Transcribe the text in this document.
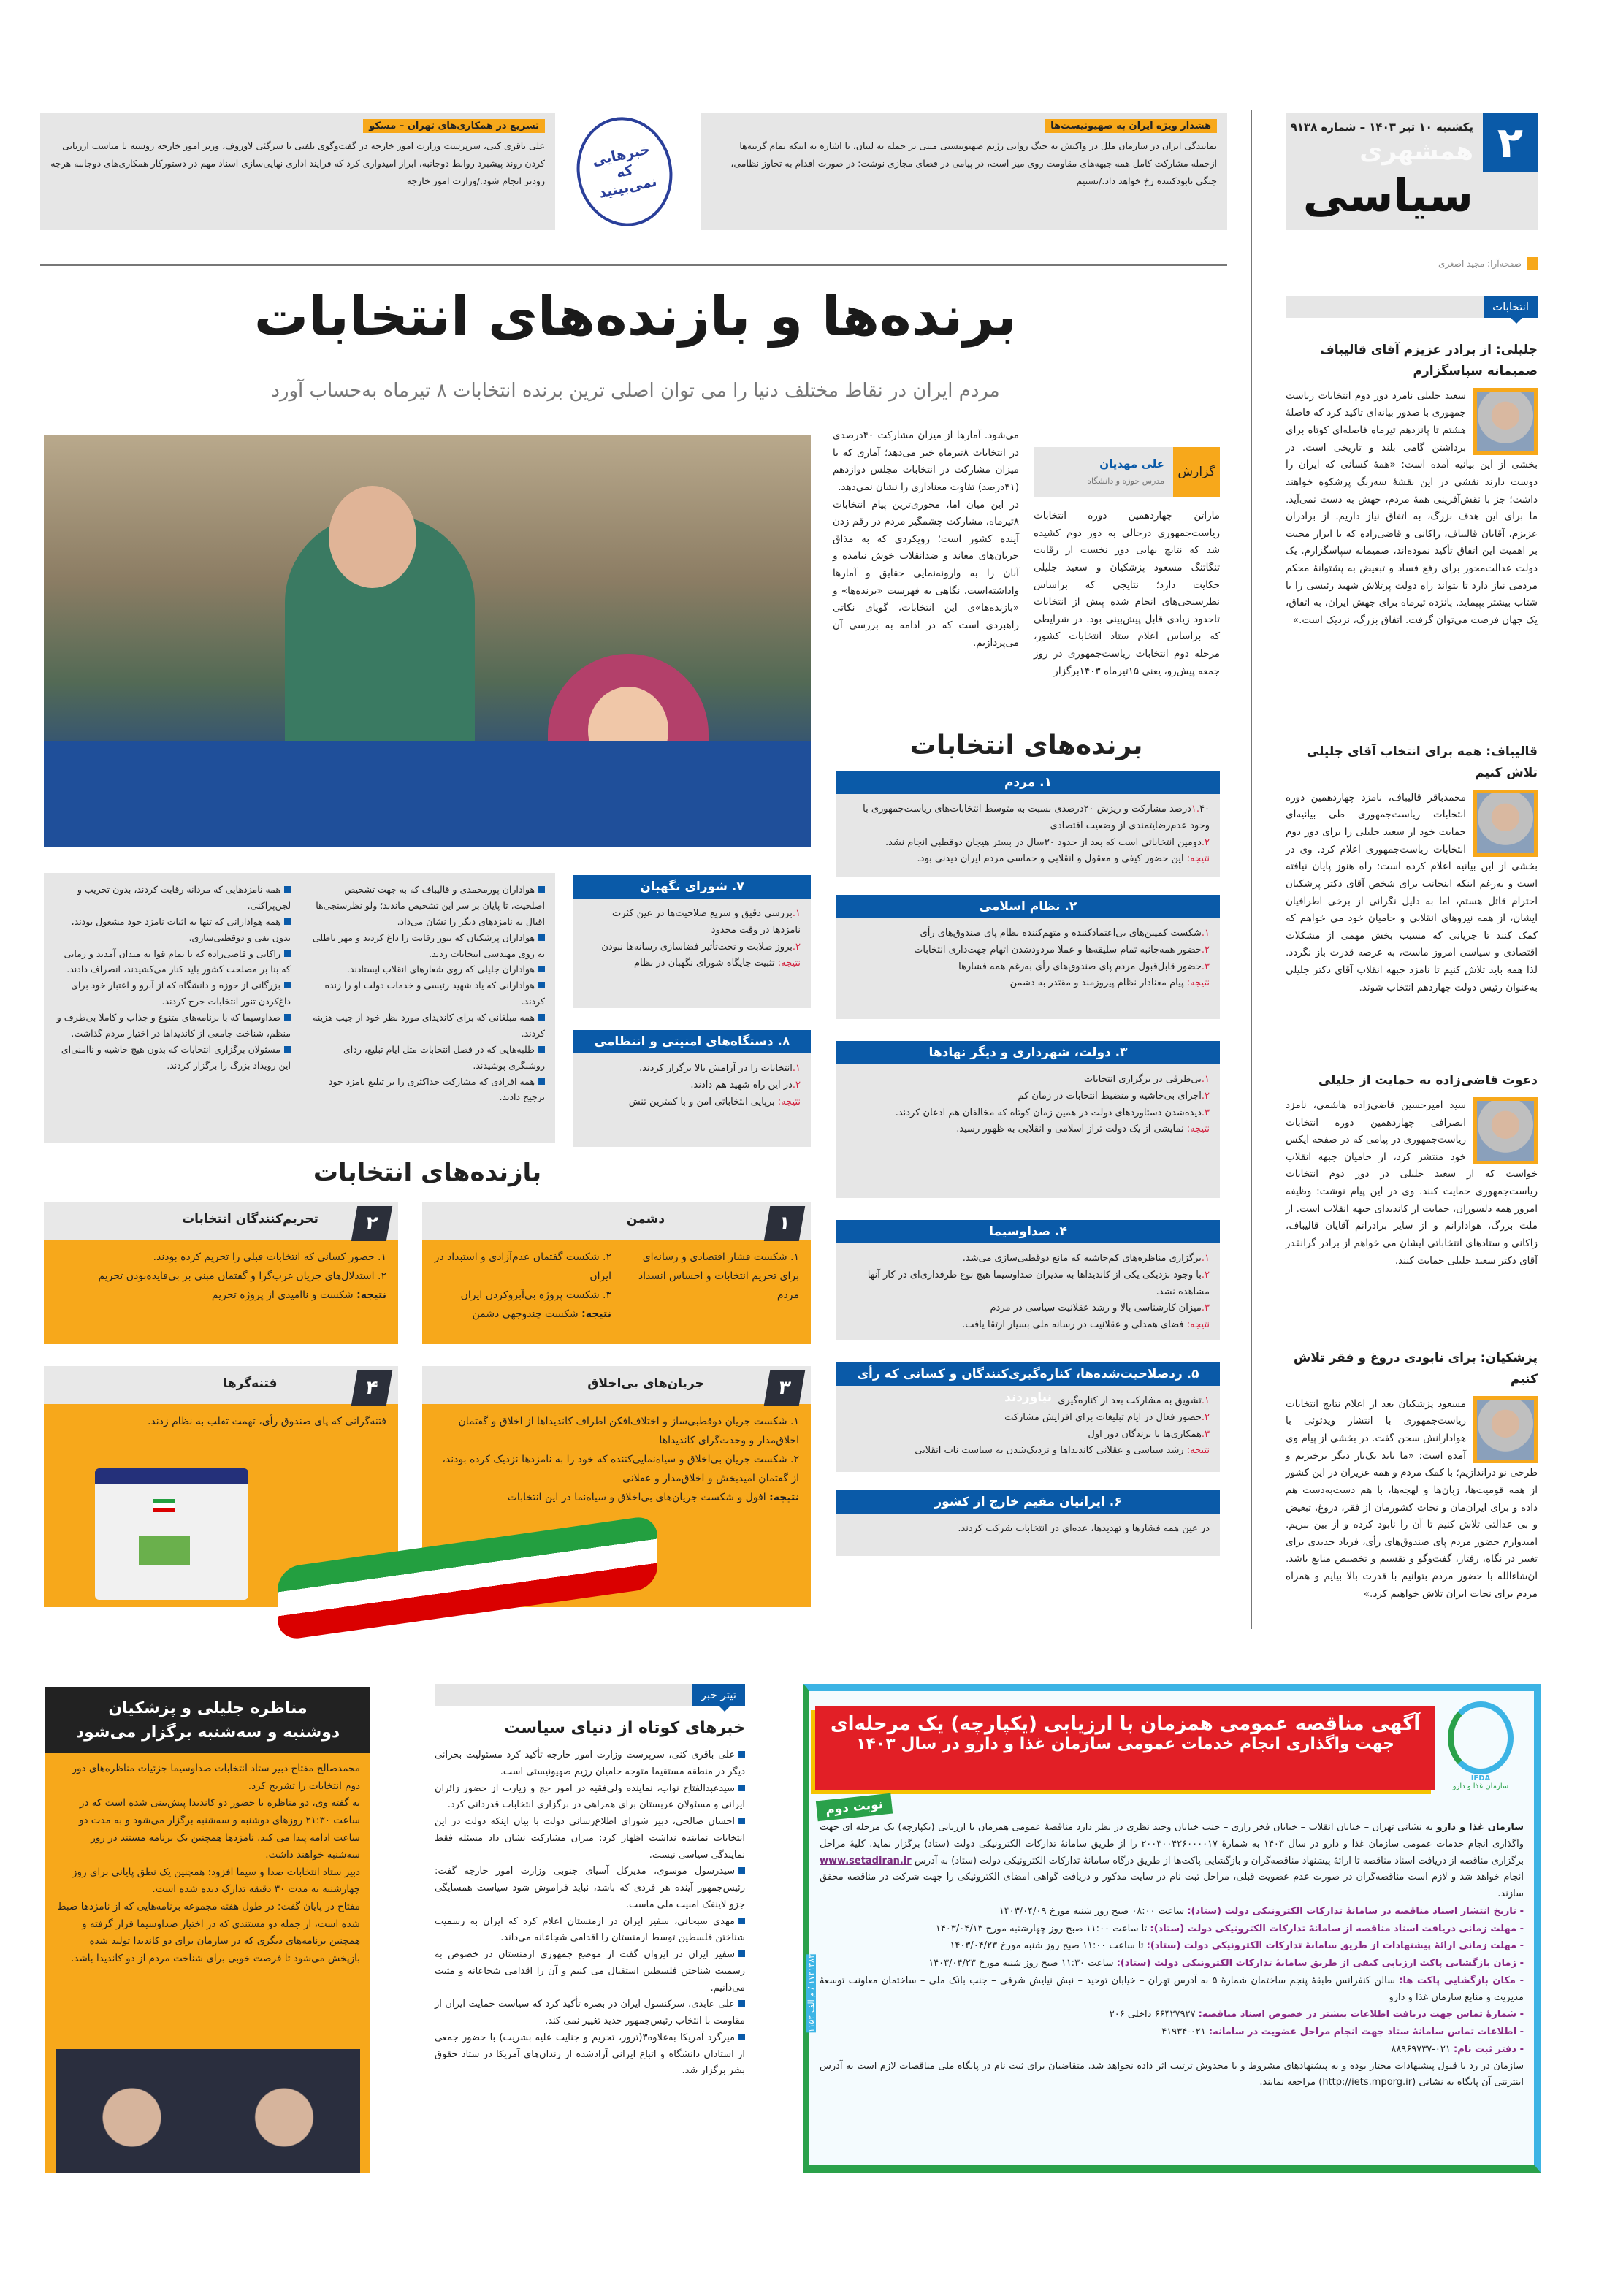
۲
یکشنبه ۱۰ تیر ۱۴۰۳ – شماره ۹۱۳۸
همشهری
سیاسی
صفحه‌آرا: مجید اصغری
انتخابات
جلیلی: از برادر عزیزم آقای قالیباف صمیمانه سپاسگزارم

سعید جلیلی نامزد دور دوم انتخابات ریاست جمهوری با صدور بیانه‌ای تاکید کرد که فاصلهٔ هشتم تا پانزدهم تیرماه فاصله‌ای کوتاه برای برداشتن گامی بلند و تاریخی است. در بخشی از این بیانیه آمده است: «همهٔ کسانی که ایران را دوست دارند نقشی در این نقشهٔ سه‌رنگ پرشکوه خواهند داشت؛ جز با نقش‌آفرینی همهٔ مردم، جهش به دست نمی‌آید. ما برای این هدف بزرگ، به اتفاق نیاز داریم. از برادران عزیزم، آقایان قالیباف، زاکانی و قاضی‌زاده که با ابراز محبت بر اهمیت این اتفاق تأکید نموده‌اند، صمیمانه سپاسگزارم. یک دولت عدالت‌محور برای رفع فساد و تبعیض به پشتوانهٔ محکم مردمی نیاز دارد تا بتواند راه دولت پرتلاش شهید رئیسی را با شتاب بیشتر بپیماید. پانزده تیرماه برای جهش ایران، به اتفاق، یک جهان فرصت می‌توان گرفت. اتفاق بزرگ، نزدیک است.»

قالیباف: همه برای انتخاب آقای جلیلی تلاش کنیم

محمدباقر قالیباف، نامزد چهاردهمین دوره انتخابات ریاست‌جمهوری طی بیانیه‌ای حمایت خود از سعید جلیلی را برای دور دوم انتخابات ریاست‌جمهوری اعلام کرد. وی در بخشی از این بیانیه اعلام کرده است: راه هنوز پایان نیافته است و به‌رغم اینکه اینجانب برای شخص آقای دکتر پزشکیان احترام قائل هستم، اما به دلیل نگرانی از برخی اطرافیان ایشان، از همه نیروهای انقلابی و حامیان خود می خواهم که کمک کنند تا جریانی که مسبب بخش مهمی از مشکلات اقتصادی و سیاسی امروز ماست، به عرصه قدرت باز نگردد. لذا همه باید تلاش کنیم تا نامزد جبهه انقلاب آقای دکتر جلیلی به‌عنوان رئیس دولت چهاردهم انتخاب شوند.

دعوت قاضی‌زاده به حمایت از جلیلی

سید امیرحسین قاضی‌زاده هاشمی، نامزد انصرافی چهاردهمین دوره انتخابات ریاست‌جمهوری در پیامی که در صفحه ایکس خود منتشر کرد، از حامیان جبهه انقلاب خواست که از سعید جلیلی در دور دوم انتخابات ریاست‌جمهوری حمایت کنند. وی در این پیام نوشت: وظیفه امروز همه دلسوزان، حمایت از کاندیدای جبهه انقلاب است. از ملت بزرگ، هوادارانم و از سایر برادرانم آقایان قالیباف، زاکانی و ستادهای انتخاباتی ایشان می خواهم از برادر گرانقدر آقای دکتر سعید جلیلی حمایت کنند.

پزشکیان: برای نابودی دروغ و فقر تلاش کنیم

مسعود پزشکیان بعد از اعلام نتایج انتخابات ریاست‌جمهوری با انتشار ویدئوئی با هوادارانش سخن گفت. در بخشی از پیام وی آمده است: «ما باید یک‌بار دیگر برخیزیم و طرحی نو دراندازیم؛ با کمک مردم و همه عزیزان در این کشور از همه قومیت‌ها، زبان‌ها و لهجه‌ها، با هم دست‌به‌دست هم داده و برای ایران‌مان و نجات کشورمان از فقر، دروغ، تبعیض و بی عدالتی تلاش کنیم تا آن را نابود کرده و از بین ببریم. امیدوارم حضور مردم پای صندوق‌های رأی، فریاد جدیدی برای تغییر در نگاه، رفتار، گفت‌وگو و تقسیم و تخصیص منابع باشد. ان‌شاءالله با حضور مردم بتوانیم با قدرت بالا بیایم و همراه مردم برای نجات ایران تلاش خواهیم کرد.»

هشدار ویژه ایران به صهیونیست‌ها

نمایندگی ایران در سازمان ملل در واکنش به جنگ روانی رژیم صهیونیستی مبنی بر حمله به لبنان، با اشاره به اینکه تمام گزینه‌ها ازجمله مشارکت کامل همه جبهه‌های مقاومت روی میز است، در پیامی در فضای مجازی نوشت: در صورت اقدام به تجاوز نظامی، جنگی نابودکننده رخ خواهد داد./تسنیم

خبرهایی که نمی‌بینید
تسریع در همکاری‌های تهران – مسکو

علی باقری کنی، سرپرست وزارت امور خارجه در گفت‌وگوی تلفنی با سرگئی لاوروف، وزیر امور خارجه روسیه با مناسب ارزیابی کردن روند پیشبرد روابط دوجانبه، ابراز امیدواری کرد که فرایند اداری نهایی‌سازی اسناد مهم در دستورکار همکاری‌های دوجانبه هرچه زودتر انجام شود./وزارت امور خارجه

برنده‌ها و بازنده‌های انتخابات
مردم ایران در نقاط مختلف دنیا را می توان اصلی ترین برنده انتخابات ۸ تیرماه به‌حساب آورد
گزارش
علی مهدیان
مدرس حوزه و دانشگاه

ماراتن چهاردهمین دوره انتخابات ریاست‌جمهوری درحالی به دور دوم کشیده شد که نتایج نهایی دور نخست از رقابت تنگاتنگ مسعود پزشکیان و سعید جلیلی حکایت دارد؛ نتایجی که براساس نظرسنجی‌های انجام شده پیش از انتخابات تاحدود زیادی قابل پیش‌بینی بود. در شرایطی که براساس اعلام ستاد انتخابات کشور، مرحله دوم انتخابات ریاست‌جمهوری در روز جمعه پیش‌رو، یعنی ۱۵تیرماه ۱۴۰۳برگزار

می‌شود. آمارها از میزان مشارکت ۴۰درصدی در انتخابات ۸تیرماه خبر می‌دهد؛ آماری که با میزان مشارکت در انتخابات مجلس دوازدهم (۴۱درصد) تفاوت معناداری را نشان نمی‌دهد.

در این میان اما، محوری‌ترین پیام انتخابات ۸تیرماه، مشارکت چشمگیر مردم در رقم زدن آینده کشور است؛ رویکردی که به مذاق جریان‌های معاند و ضدانقلاب خوش نیامده و آنان را به وارونه‌نمایی حقایق و آمارها واداشته‌است. نگاهی به فهرست «برنده‌ها» و «بازنده‌ها»ی این انتخابات، گویای نکاتی راهبردی است که در ادامه به بررسی آن می‌پردازیم.

برنده‌های انتخابات
۱. مردم
۱.۴۰درصد مشارکت و ریزش ۲۰درصدی نسبت به متوسط انتخابات‌های ریاست‌جمهوری با وجود عدم‌رضایتمندی از وضعیت اقتصادی
۲.دومین انتخاباتی است که بعد از حدود ۳۰سال در بستر هیجان دوقطبی انجام نشد.
نتیجه: این حضور کیفی و معقول و انقلابی و حماسی مردم ایران دیدنی بود.
۲. نظام اسلامی
۱.شکست کمپین‌های بی‌اعتمادکننده و متهم‌کننده نظام پای صندوق‌های رأی
۲.حضور همه‌جانبه تمام سلیقه‌ها و عملا مردودشدن اتهام جهت‌داری انتخابات
۳.حضور قابل‌قبول مردم پای صندوق‌های رأی به‌رغم همه فشارها
نتیجه: پیام معنادار نظام پیروزمند و مقتدر به دشمن
۳. دولت، شهرداری و دیگر نهادها
۱.بی‌طرفی در برگزاری انتخابات
۲.اجرای بی‌حاشیه و منضبط انتخابات در زمان کم
۳.دیده‌شدن دستاوردهای دولت در همین زمان کوتاه که مخالفان هم اذعان کردند.
نتیجه: نمایشی از یک دولت تراز اسلامی و انقلابی به ظهور رسید.
۴. صداوسیما
۱.برگزاری مناظره‌های کم‌حاشیه که مانع دوقطبی‌سازی می‌شد.
۲.با وجود نزدیکی یکی از کاندیداها به مدیران صداوسیما هیچ نوع طرفداری‌ای در کار آنها مشاهده نشد.
۳.میزان کارشناسی بالا و رشد عقلانیت سیاسی در مردم
نتیجه: فضای همدلی و عقلانیت در رسانه ملی بسیار ارتقا یافت.
۵. ردصلاحیت‌شده‌ها، کناره‌گیری‌کنندگان و کسانی که رأی نیاوردند	۱.تشویق به مشارکت بعد از کناره‌گیری
۲.حضور فعال در ایام تبلیغات برای افزایش مشارکت
۳.همکاری‌ها با برندگان دور اول
نتیجه: رشد سیاسی و عقلانی کاندیداها و نزدیک‌شدن به سیاست ناب انقلابی
۶. ایرانیان مقیم خارج از کشور
در عین همه فشارها و تهدیدها، عده‌ای در انتخابات شرکت کردند.
۷. شورای نگهبان
۱.بررسی دقیق و سریع صلاحیت‌ها در عین کثرت نامزدها در وقت محدود
۲.بروز صلابت و تحت‌تأثیر فضاسازی رسانه‌ها نبودن
نتیجه: تثبیت جایگاه شورای نگهبان در نظام
۸. دستگاه‌های امنیتی و انتظامی
۱.انتخابات را در آرامش بالا برگزار کردند.
۲.در این راه شهید هم دادند.
نتیجه: برپایی انتخاباتی امن و با کمترین تنش
هواداران پورمحمدی و قالیباف که به جهت تشخیص اصلحیت، تا پایان بر سر این تشخیص ماندند؛ ولو نظرسنجی‌ها اقبال به نامزدهای دیگر را نشان می‌داد.
هواداران پزشکیان که تنور رقابت را داغ کردند و مهر باطلی به روی مهندسی انتخابات زدند.
هواداران جلیلی که روی شعارهای انقلاب ایستادند.
هوادارانی که یاد شهید رئیسی و خدمات دولت او را زنده کردند.
همه مبلغانی که برای کاندیدای مورد نظر خود از جیب هزینه کردند.
طلبه‌هایی که در فصل انتخابات مثل ایام تبلیغ، ردای روشنگری پوشیدند.
همه افرادی که مشارکت حداکثری را بر تبلیغ نامزد خود ترجیح دادند.
همه نامزدهایی که مردانه رقابت کردند، بدون تخریب و لجن‌پراکنی.
همه هوادارانی که تنها به اثبات نامزد خود مشغول بودند، بدون نفی و دوقطبی‌سازی.
زاکانی و قاضی‌زاده که با تمام قوا به میدان آمدند و زمانی که بنا بر مصلحت کشور باید کنار می‌کشیدند، انصراف دادند.
بزرگانی از حوزه و دانشگاه که از آبرو و اعتبار خود برای داغ‌کردن تنور انتخابات خرج کردند.
صداوسیما که با برنامه‌های متنوع و جذاب و کاملا بی‌طرف و منظم، شناخت جامعی از کاندیداها در اختیار مردم گذاشت.
مسئولان برگزاری انتخابات که بدون هیچ حاشیه و ناامنی‌ای این رویداد بزرگ را برگزار کردند.
بازنده‌های انتخابات
۱
دشمن
۱. شکست فشار اقتصادی و رسانه‌ای برای تحریم انتخابات و احساس انسداد مردم
۲. شکست گفتمان عدم‌آزادی و استبداد در ایران
۳. شکست پروژه بی‌آبروکردن ایران
نتیجه: شکست چندوجهی دشمن
۲
تحریم‌کنندگان انتخابات
۱. حضور کسانی که انتخابات قبلی را تحریم کرده بودند.
۲. استدلال‌های جریان غرب‌گرا و گفتمان مبنی بر بی‌فایده‌بودن تحریم
نتیجه: شکست و ناامیدی از پروژه تحریم
۳
جریان‌های بی‌اخلاق
۱. شکست جریان دوقطبی‌ساز و اختلاف‌افکن اطراف کاندیداها از اخلاق و گفتمان اخلاق‌مدار و وحدت‌گرای کاندیداها
۲. شکست جریان بی‌اخلاق و سیاه‌نمایی‌کننده که خود را به نامزدها نزدیک کرده بودند، از گفتمان امیدبخش و اخلاق‌مدار و عقلانی
نتیجه: افول و شکست جریان‌های بی‌اخلاق و سیاه‌نما در این انتخابات
۴
فتنه‌گرها
فتنه‌گرانی که پای صندوق رأی، تهمت تقلب به نظام زدند.
مناظره جلیلی و پزشکیان
دوشنبه و سه‌شنبه برگزار می‌شود

محمدصالح مفتاح دبیر ستاد انتخابات صداوسیما جزئیات مناظره‌های دور دوم انتخابات را تشریح کرد.

به گفته وی، دو مناظره با حضور دو کاندیدا پیش‌بینی شده است که در ساعت ۲۱:۳۰ روزهای دوشنبه و سه‌شنبه برگزار می‌شود و به مدت دو ساعت ادامه پیدا می کند. نامزدها همچنین یک برنامه مستند در روز سه‌شنبه خواهند داشت.

دبیر ستاد انتخابات صدا و سیما افزود: همچنین یک نطق پایانی برای روز چهارشنبه به مدت ۳۰ دقیقه تدارک دیده شده است.

مفتاح در پایان گفت: در طول هفته مجموعه برنامه‌هایی که از نامزدها ضبط شده است، از جمله دو مستندی که در اختیار صداوسیما قرار گرفته و همچنین برنامه‌های دیگری که در سازمان برای دو کاندیدا تولید شده بازپخش می‌شود تا فرصت خوبی برای شناخت مردم از دو کاندیدا باشد.

تیتر خبر
خبرهای کوتاه از دنیای سیاست
علی باقری کنی، سرپرست وزارت امور خارجه تأکید کرد مسئولیت بحرانی دیگر در منطقه مستقیما متوجه حامیان رژیم صهیونیستی است.
سیدعبدالفتاح نواب، نماینده ولی‌فقیه در امور حج و زیارت از حضور زائران ایرانی و مسئولان عربستان برای همراهی در برگزاری انتخابات قدردانی کرد.
احسان صالحی، دبیر شورای اطلاع‌رسانی دولت با بیان اینکه دولت در این انتخابات نماینده نداشت اظهار کرد: میزان مشارکت نشان داد مسئله فقط نمایندگی سیاسی نیست.
سیدرسول موسوی، مدیرکل آسیای جنوبی وزارت امور خارجه گفت: رئیس‌جمهور آینده هر فردی که باشد، نباید فراموش شود سیاست همسایگی جزو لاینفک امنیت ملی ماست.
مهدی سبحانی، سفیر ایران در ارمنستان اعلام کرد که ایران به رسمیت شناختن فلسطین توسط ارمنستان را اقدامی شجاعانه می‌داند.
سفیر ایران در ایروان گفت از موضع جمهوری ارمنستان در خصوص به رسمیت شناختن فلسطین استقبال می کنیم و آن را اقدامی شجاعانه و مثبت می‌دانیم.
علی عابدی، سرکنسول ایران در بصره تأکید کرد که سیاست حمایت ایران از مقاومت با انتخاب رئیس‌جمهور جدید تغییر نمی کند.
میزگرد آمریکا به‌علاوه۳(ترور، تحریم و جنایت علیه بشریت) با حضور جمعی از استادان دانشگاه و اتباع ایرانی آزادشده از زندان‌های آمریکا در ستاد حقوق بشر برگزار شد.
IFDA
سازمان غذا و دارو
آگهی مناقصه عمومی همزمان با ارزیابی (یکپارچه) یک مرحله‌ای
جهت واگذاری انجام خدمات عمومی سازمان غذا و دارو در سال ۱۴۰۳
نوبت دوم

سازمان غذا و دارو به نشانی تهران – خیابان انقلاب – خیابان فخر رازی – جنب خیابان وحید نظری در نظر دارد مناقصهٔ عمومی همزمان با ارزیابی (یکپارچه) یک مرحله ای جهت واگذاری انجام خدمات عمومی سازمان غذا و دارو در سال ۱۴۰۳ به شمارهٔ ۲۰۰۳۰۰۴۲۶۰۰۰۰۱۷ را از طریق سامانهٔ تدارکات الکترونیکی دولت (ستاد) برگزار نماید. کلیهٔ مراحل برگزاری مناقصه از دریافت اسناد مناقصه تا ارائهٔ پیشنهاد مناقصه‌گران و بازگشایی پاکت‌ها از طریق درگاه سامانهٔ تدارکات الکترونیکی دولت (ستاد) به آدرس www.setadiran.ir انجام خواهد شد و لازم است مناقصه‌گران در صورت عدم عضویت قبلی، مراحل ثبت نام در سایت مذکور و دریافت گواهی امضای الکترونیکی را جهت شرکت در مناقصه محقق سازند.

- تاریخ انتشار اسناد مناقصه در سامانهٔ تدارکات الکترونیکی دولت (ستاد): ساعت ۰۸:۰۰ صبح روز شنبه مورخ ۱۴۰۳/۰۴/۰۹
- مهلت زمانی دریافت اسناد مناقصه از سامانهٔ تدارکات الکترونیکی دولت (ستاد): تا ساعت ۱۱:۰۰ صبح روز چهارشنبه مورخ ۱۴۰۳/۰۴/۱۳
- مهلت زمانی ارائهٔ پیشنهادات از طریق سامانهٔ تدارکات الکترونیکی دولت (ستاد): تا ساعت ۱۱:۰۰ صبح روز شنبه مورخ ۱۴۰۳/۰۴/۲۳
- زمان بازگشایی پاکت ارزیابی کیفی از طریق سامانهٔ تدارکات الکترونیکی دولت (ستاد): ساعت ۱۱:۳۰ صبح روز شنبه مورخ ۱۴۰۳/۰۴/۲۳
- مکان بازگشایی پاکت ها: سالن کنفرانس طبقهٔ پنجم ساختمان شمارهٔ ۵ به آدرس تهران – خیابان توحید – نبش نیایش شرقی – جنب بانک ملی – ساختمان معاونت توسعهٔ مدیریت و منابع سازمان غذا و دارو
- شمارهٔ تماس جهت دریافت اطلاعات بیشتر در خصوص اسناد مناقصه: ۶۶۴۲۷۹۲۷ داخلی ۲۰۶
- اطلاعات تماس سامانهٔ ستاد جهت انجام مراحل عضویت در سامانه: ۰۲۱-۴۱۹۳۴
- دفتر ثبت نام: ۰۲۱-۸۸۹۶۹۷۳۷

سازمان در رد یا قبول پیشنهادات مختار بوده و به پیشنهادهای مشروط و یا مخدوش ترتیب اثر داده نخواهد شد. متقاضیان برای ثبت نام در پایگاه ملی مناقصات لازم است به آدرس اینترنتی آن پایگاه به نشانی (http://iets.mporg.ir) مراجعه نمایند.

۱۷۲۱۳۸۳ / م الف ۱۱۵۲
